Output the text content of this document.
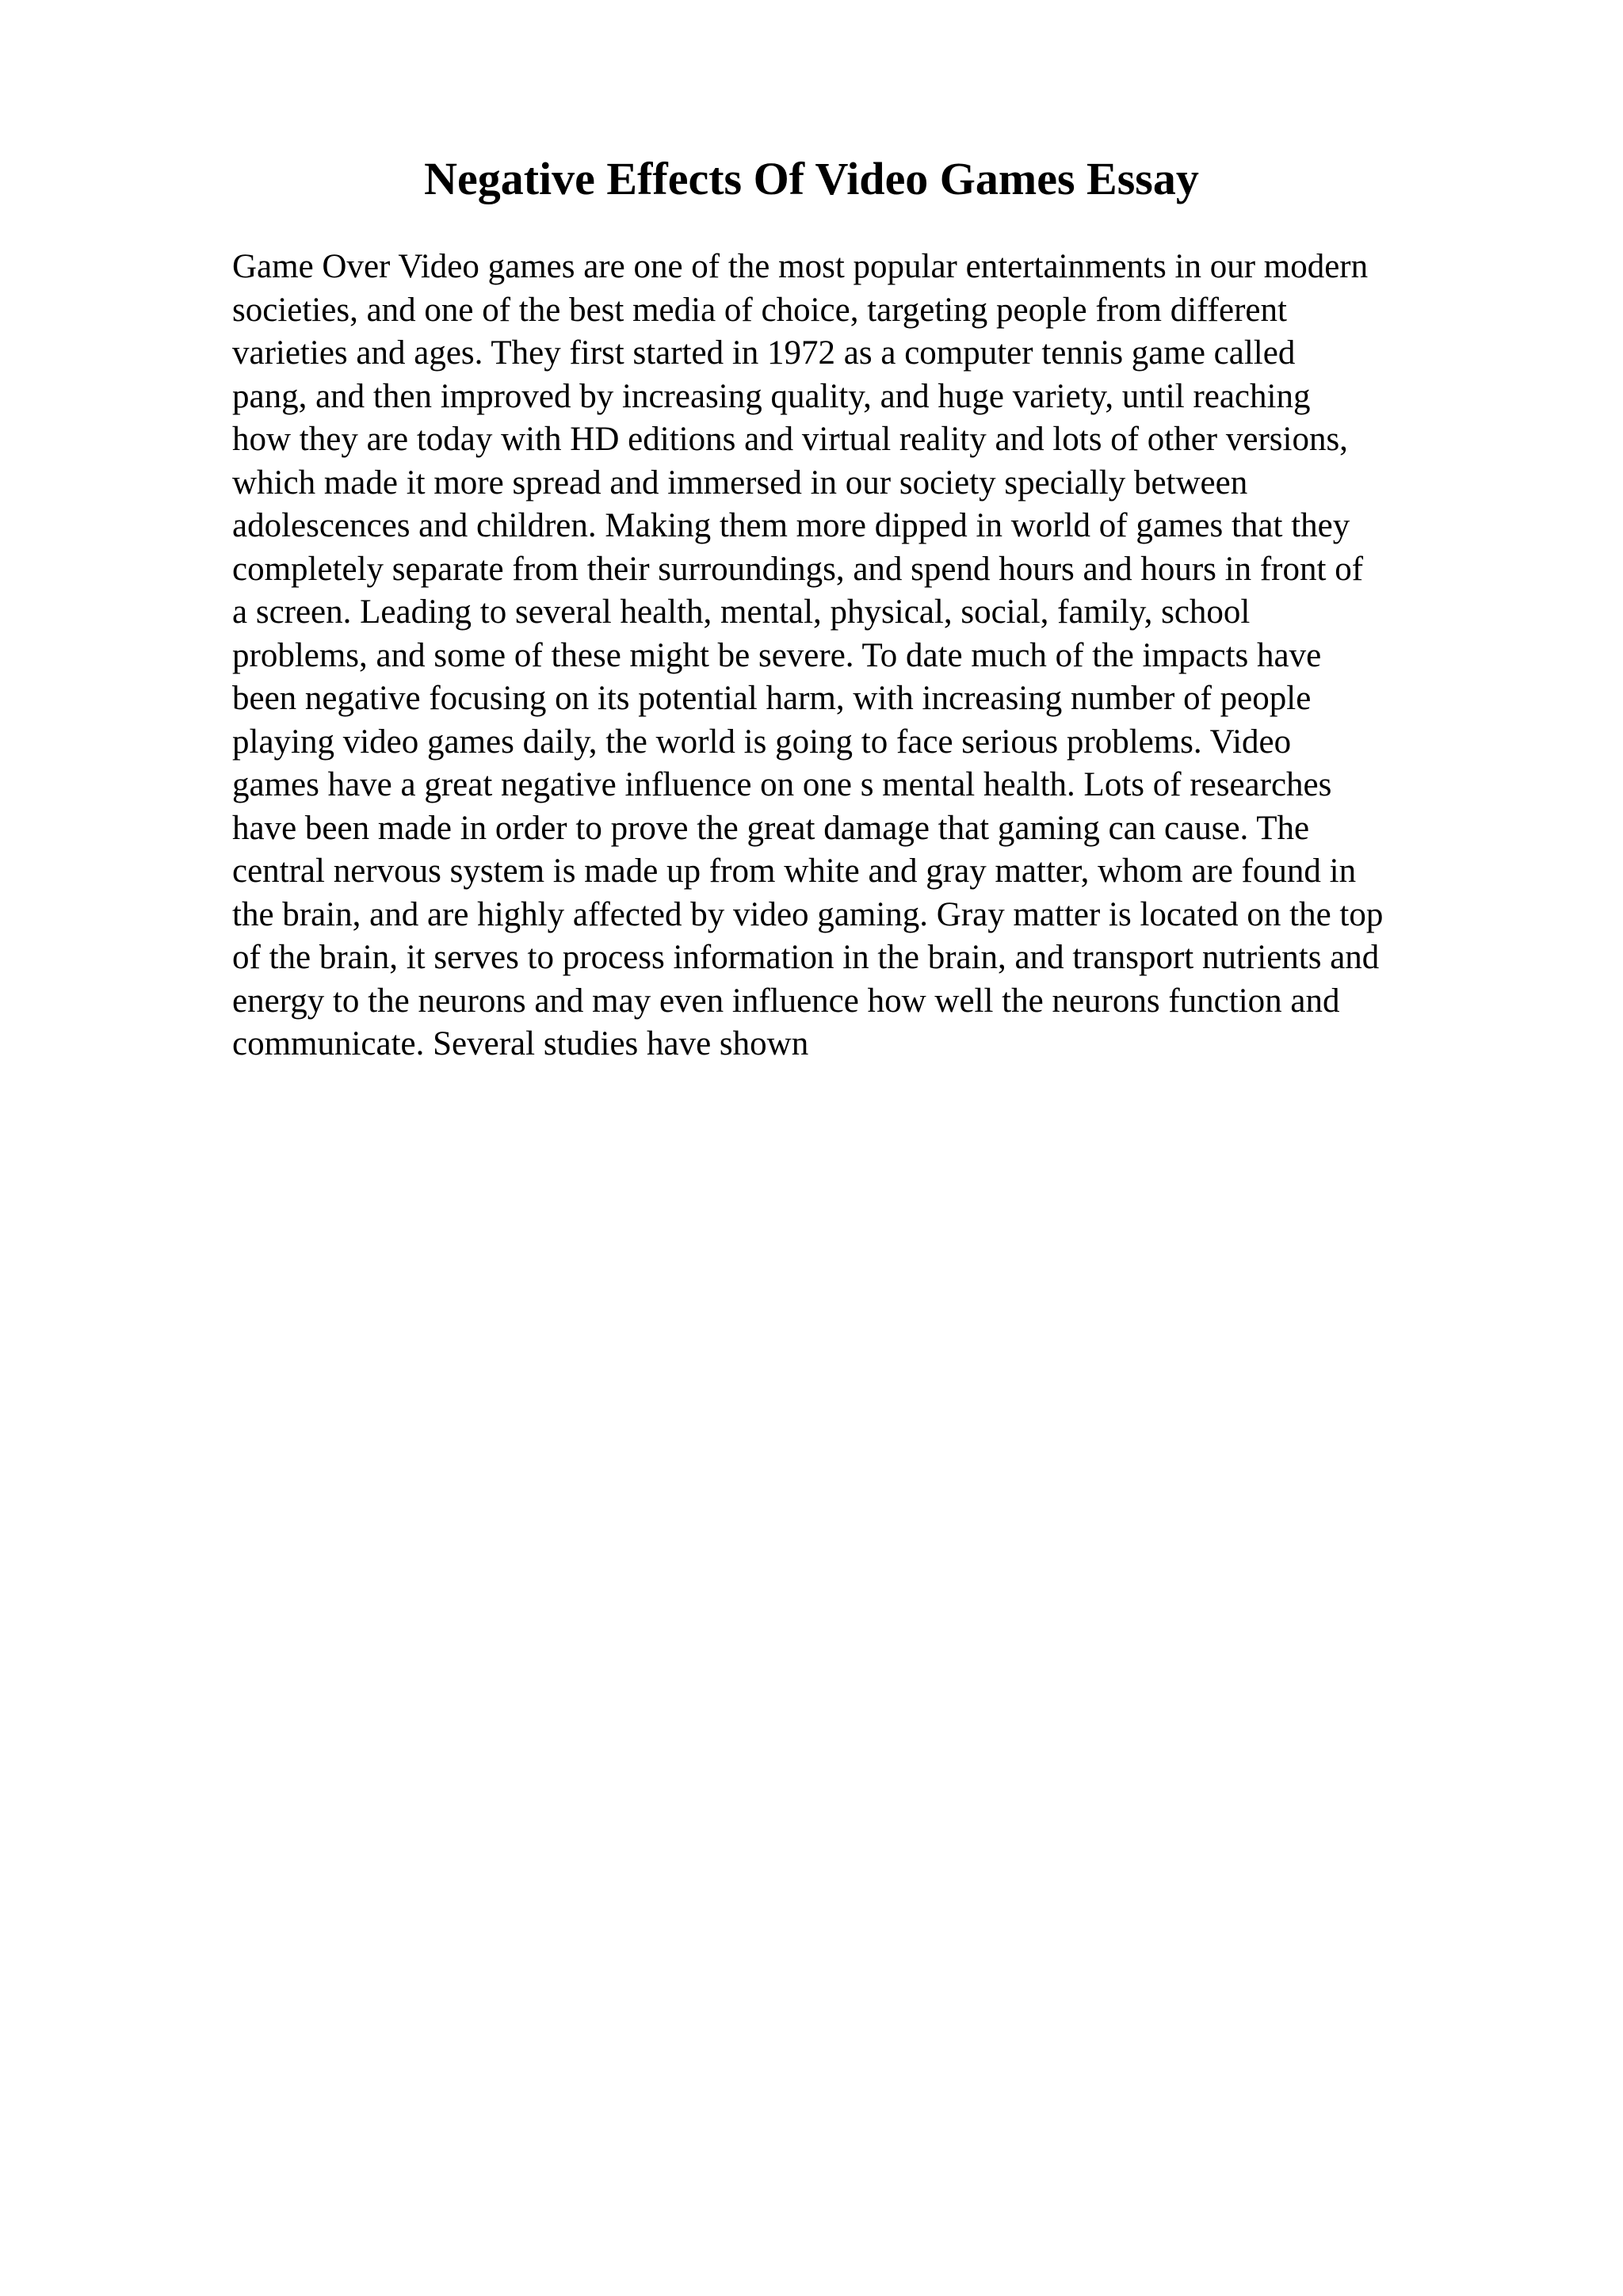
Negative Effects Of Video Games Essay
Game Over Video games are one of the most popular entertainments in our modern
societies, and one of the best media of choice, targeting people from different
varieties and ages. They first started in 1972 as a computer tennis game called
pang, and then improved by increasing quality, and huge variety, until reaching
how they are today with HD editions and virtual reality and lots of other versions,
which made it more spread and immersed in our society specially between
adolescences and children. Making them more dipped in world of games that they
completely separate from their surroundings, and spend hours and hours in front of
a screen. Leading to several health, mental, physical, social, family, school
problems, and some of these might be severe. To date much of the impacts have
been negative focusing on its potential harm, with increasing number of people
playing video games daily, the world is going to face serious problems. Video
games have a great negative influence on one s mental health. Lots of researches
have been made in order to prove the great damage that gaming can cause. The
central nervous system is made up from white and gray matter, whom are found in
the brain, and are highly affected by video gaming. Gray matter is located on the top
of the brain, it serves to process information in the brain, and transport nutrients and
energy to the neurons and may even influence how well the neurons function and
communicate. Several studies have shown
